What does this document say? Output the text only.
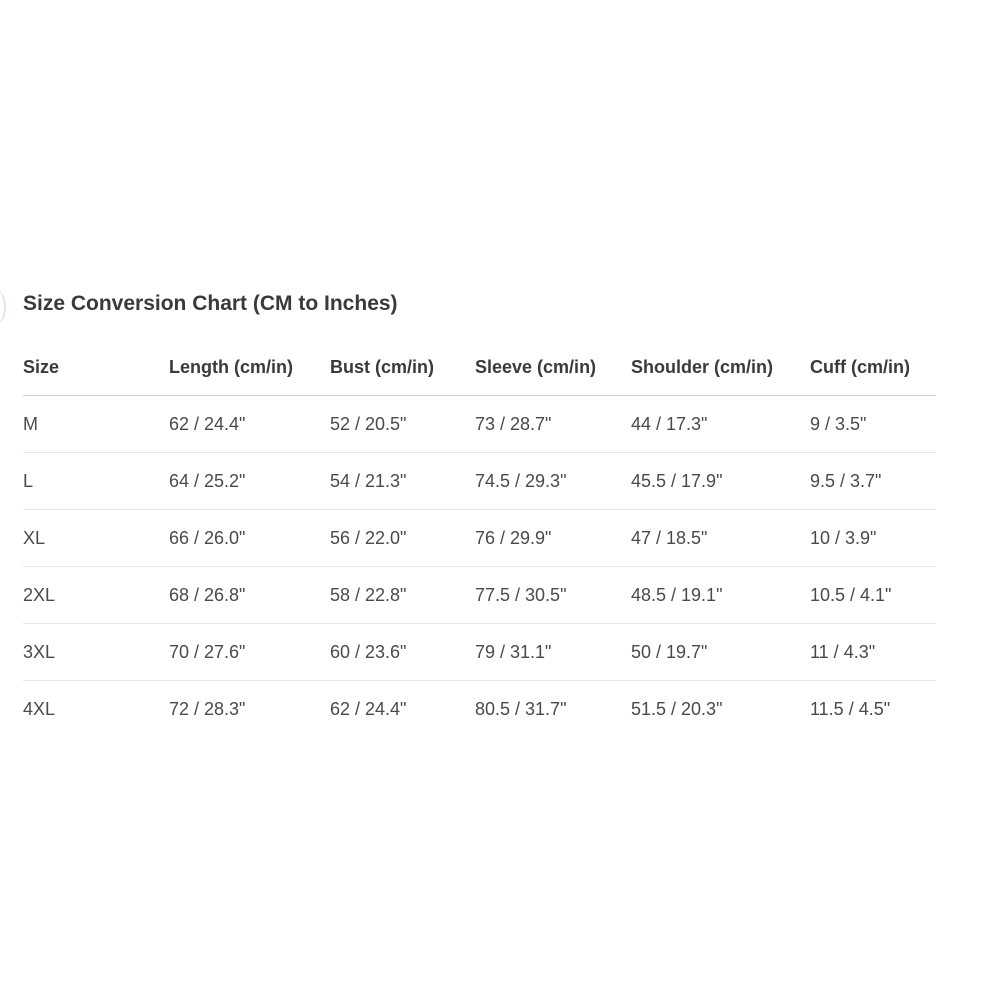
Size Conversion Chart (CM to Inches)
Size	Length (cm/in)	Bust (cm/in)	Sleeve (cm/in)	Shoulder (cm/in)	Cuff (cm/in)
M	62 / 24.4"	52 / 20.5"	73 / 28.7"	44 / 17.3"	9 / 3.5"
L	64 / 25.2"	54 / 21.3"	74.5 / 29.3"	45.5 / 17.9"	9.5 / 3.7"
XL	66 / 26.0"	56 / 22.0"	76 / 29.9"	47 / 18.5"	10 / 3.9"
2XL	68 / 26.8"	58 / 22.8"	77.5 / 30.5"	48.5 / 19.1"	10.5 / 4.1"
3XL	70 / 27.6"	60 / 23.6"	79 / 31.1"	50 / 19.7"	11 / 4.3"
4XL	72 / 28.3"	62 / 24.4"	80.5 / 31.7"	51.5 / 20.3"	11.5 / 4.5"
